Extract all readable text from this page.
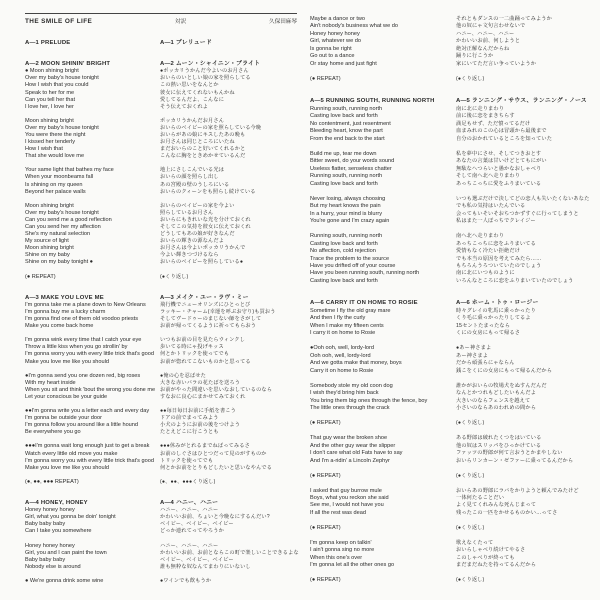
THE SMILE OF LIFE	対訳	久保田麻琴
A—1 PRELUDE

A—2 MOON SHININ' BRIGHT
● Moon shining bright
Over my baby's house tonight
How I wish that you could
Speak to her for me
Can you tell her that
I love her, I love her

Moon shining bright
Over my baby's house tonight
You were there the night
I kissed her tenderly
How I wish that
That she would love me

Your same light that bathes my face
When your moonbeams fall
Is shining on my queen
Beyond her palace walls

Moon shining bright
Over my baby's house tonight
Can you send me a good reflection
Can you send her my affection
She's my natural selection
My source of light
Moon shining bright
Shine on my baby
Shine on my baby tonight ●

(● REPEAT)

A—3 MAKE YOU LOVE ME
I'm gonna take me a plane down to New Orleans
I'm gonna buy me a lucky charm
I'm gonna find one of them old voodoo priests
Make you come back home

I'm gonna wink every time that I catch your eye
Throw a little kiss when you go strollin' by
I'm gonna worry you with every little trick that's good
Make you love me like you should

●I'm gonna send you one dozen red, big roses
With my heart inside
When you sit and think 'bout the wrong you done me
Let your conscious be your guide

●●I'm gonna write you a letter each and every day
I'm gonna be outside your door
I'm gonna follow you around like a little hound
Be everywhere you go

●●●I'm gonna wait long enough just to get a break
Watch every little old move you make
I'm gonna worry you with every little trick that's good
Make you love me like you should

(●, ●●, ●●● REPEAT)

A—4 HONEY, HONEY
Honey honey honey
Girl, what you gonna be doin' tonight
Baby baby baby
Can I take you somewhere

Honey honey honey
Girl, you and I can paint the town
Baby baby baby
Nobody else is around

● We're gonna drink some wine
A—1 プレリュード

A—2 ムーン・シャイニン・ブライト
●ポッカリうかんだ今よいのお月さん
おいらのいとしい娘の家を照らしてる
この熱い思いをなんとか
彼女に伝えてくれないもんかね
愛してるんだよ、こんなに
そう伝えておくれよ

ポッカリうかんだお月さん
おいらのベイビーの家を照らしている今晩
おいらがあの娘にキスしたあの晩も
お月さんは同じところにいたね
まだおいらのこと好いてくれるかと
こんなに胸をときめかせているんだ

地上にさしこんでいる光は
おいらの顔を照らし出し
あの宮殿の壁のうしろにいる
おいらのクィーンをも照らし続けている

おいらのベイビーの家を今よい
照らしているお月さん
おいらにもきれいな光を分けておくれ
そしてこの気持を彼女に伝えておくれ
どうしてもあの娘が好きなんだ
おいらの輝きの源なんだよ
お月さんは今よいポッカリうかんで
今よい輝きつづけるなら
おいらのベイビーを照らしている●

(●くり返し)

A—3 メイク・ユー・ラヴ・ミー
飛行機でニューオリンズにひとっとび
ラッキー・チャーム(幸運を呼ぶお守り)も買おう
そしてヴードゥーのまじない師をさがして
お前が帰ってくるように祈ってもらおう

いつもお前の目を見たらウィンクし
歩いてる時にゃ投げキッス
何とかトリックを使ってでも
お前が惚れてこないものかと思ってる

●俺の心を忍ばせた
大きな赤いバラの花たばを送ろう
お前がやった間違いを思いなおしているのなら
すなおに良心にまかせてみておくれ

●●毎日毎日お前に手紙を書こう
ドアの前でまってみよう
小犬のようにお前の後をつけよう
たとえどこに行こうとも

●●●休みがとれるまでねばってみるさ
お前のしぐさはひとつだって見のがすものか
トリックを使ってでも
何とかお前をとりもどしたいと思いなやんでる

(●、●●、●●●くり返し)

A—4 ハニー、ハニー
ハニー、ハニー、ハニー
かわいいお前、ちょいと今晩なにするんだい?
ベイビー、ベイビー、ベイビー
どっか連れてってやろうか

ハニー、ハニー、ハニー
かわいいお前、お前とならこの町で楽しいことできるよな
ベイビー、ベイビー、ベイビー
誰も無粋な奴なんてまわりにいないし

●ワインでも飲もうか
Maybe a dance or two
Ain't nobody's business what we do
Honey honey honey
Girl, whatever we do
Is gonna be right
Go out to a dance
Or stay home and just fight

(● REPEAT)

A—5 RUNNING SOUTH, RUNNING NORTH
Running south, running north
Casting love back and forth
No contentment, just resentment
Bleeding heart, know the part
From the end back to the start

Build me up, tear me down
Bitter sweet, do your words sound
Useless flatter, senseless chatter
Running south, running north
Casting love back and forth

Never losing, always choosing
But my heart knows the pain
In a hurry, your mind is blurry
You're gone and I'm crazy again

Running south, running north
Casting love back and forth
No affection, cold rejection
Trace the problem to the source
Have you drifted off of your course
Have you been running south, running north
Casting love back and forth

A—6 CARRY IT ON HOME TO ROSIE
Sometime I fly the old gray mare
And then I fly the curly
When I make my fifteen cents
I carry it on home to Rosie

●Ooh ooh, well, lordy-lord
Ooh ooh, well, lordy-lord
And we gotta make that money, boys
Carry it on home to Rosie

Somebody stole my old coon dog
I wish they'd bring him back
You bring them big ones through the fence, boy
The little ones through the crack

(● REPEAT)

That guy wear the broken shoe
And the other guy wear the slipper
I don't care what old Fats have to say
And I'm a-ridin' a Lincoln Zephyr

(● REPEAT)

I asked that guy burrow mule
Boys, what you reckon she said
See me, I would not have you
If all the rest was dead

(● REPEAT)

I'm gonna keep on talkin'
I ain't gonna sing no more
When this one's over
I'm gonna let all the other ones go

(● REPEAT)
それともダンスの一二曲踊ってみようか
他の奴にゃ文句言わせないで
ハニー、ハニー、ハニー
かわいいお前、何しようと
絶対正解なんだからね
踊りに行こうか
家にいてただ言い争っていようか

(●くり返し)

A—5 ランニング・サウス、ランニング・ノース
南に北に走りまわり
前に後に恋をまきちらす
満足もせず、ただ憤ってるだけ
血まみれのこの心は冒頭から最後まで
自分のおかれているところを知っていた

私を夢中にさせ、そしてつきおとす
あなたの言葉は甘いけどとてもにがい
無駄なへつらいと愚かなおしゃべり
そして南へ北へ走りまわり
あっちこっちに愛をふりまいている

いつも選ぶだけで決してどの恋人も失いたくないあなた
でも私の気持はいたんでいる
会ってもいそいそおちつかずすぐに行ってしまうと
私はまた一人ぼっちでクレイジー

南へ北へ走りまわり
あっちこっちに恋をふりまいてる
愛情もなく冷たい拒絶だけ
でも本当の原因を考えてみたら……
もちろんうろついていたのでしょう
南に北にいつものように
いろんなところに恋をふりまいていたのでしょう

A—6 ホーム・トゥ・ロージー
時々グレイの牝馬に乗っかったり
くり毛に乗っかったりしてるよ
15セントたまったなら
くにの女房にもって帰るさ

●あー神さまよ
あー神さまよ
だから頑張らにゃならん
銭こをくにの女房にもって帰るんだから

誰かがおいらの牧場犬をぬすんだんだ
なんとかつれもどしたいもんだよ
大きいのならフェンスを越えて
小さいのならあのわれめの間から

(●くり返し)

ある野郎は破れたくつをはいている
他の奴はスリッパをひっかけている
ファッツの野郎が何て言おうとかまやしない
おいらリンカーン・ゼファーに乗ってるんだから

(●くり返し)

おいらあの野郎にラバをかりようと頼んでみたけど
一体何たることだい
よく見てくれみんな死んじまって
残ったこの一匹をかせるものかい…ってさ

(●くり返し)

歌えなくたって
おいらしゃべり続けてやるさ
このしゃべりが終っても
まだまだねたを持ってるんだから

(●くり返し)
